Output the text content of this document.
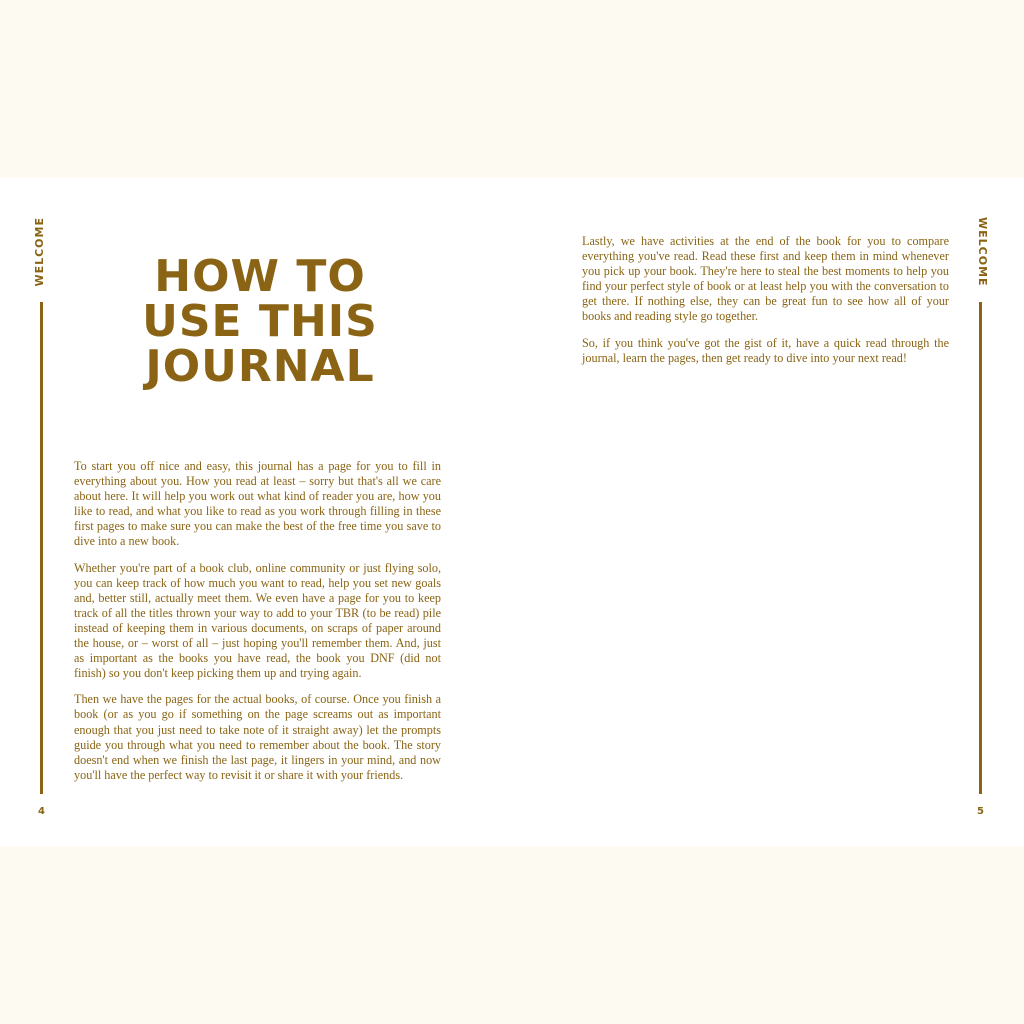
WELCOME
4
HOW TO
USE THIS
JOURNAL

To start you off nice and easy, this journal has a page for you to fill in everything about you. How you read at least – sorry but that's all we care about here. It will help you work out what kind of reader you are, how you like to read, and what you like to read as you work through filling in these first pages to make sure you can make the best of the free time you save to dive into a new book.

Whether you're part of a book club, online community or just flying solo, you can keep track of how much you want to read, help you set new goals and, better still, actually meet them. We even have a page for you to keep track of all the titles thrown your way to add to your TBR (to be read) pile instead of keeping them in various documents, on scraps of paper around the house, or – worst of all – just hoping you'll remember them. And, just as important as the books you have read, the book you DNF (did not finish) so you don't keep picking them up and trying again.

Then we have the pages for the actual books, of course. Once you finish a book (or as you go if something on the page screams out as important enough that you just need to take note of it straight away) let the prompts guide you through what you need to remember about the book. The story doesn't end when we finish the last page, it lingers in your mind, and now you'll have the perfect way to revisit it or share it with your friends.

Lastly, we have activities at the end of the book for you to compare everything you've read. Read these first and keep them in mind whenever you pick up your book. They're here to steal the best moments to help you find your perfect style of book or at least help you with the conversation to get there. If nothing else, they can be great fun to see how all of your books and reading style go together.

So, if you think you've got the gist of it, have a quick read through the journal, learn the pages, then get ready to dive into your next read!

WELCOME
5
